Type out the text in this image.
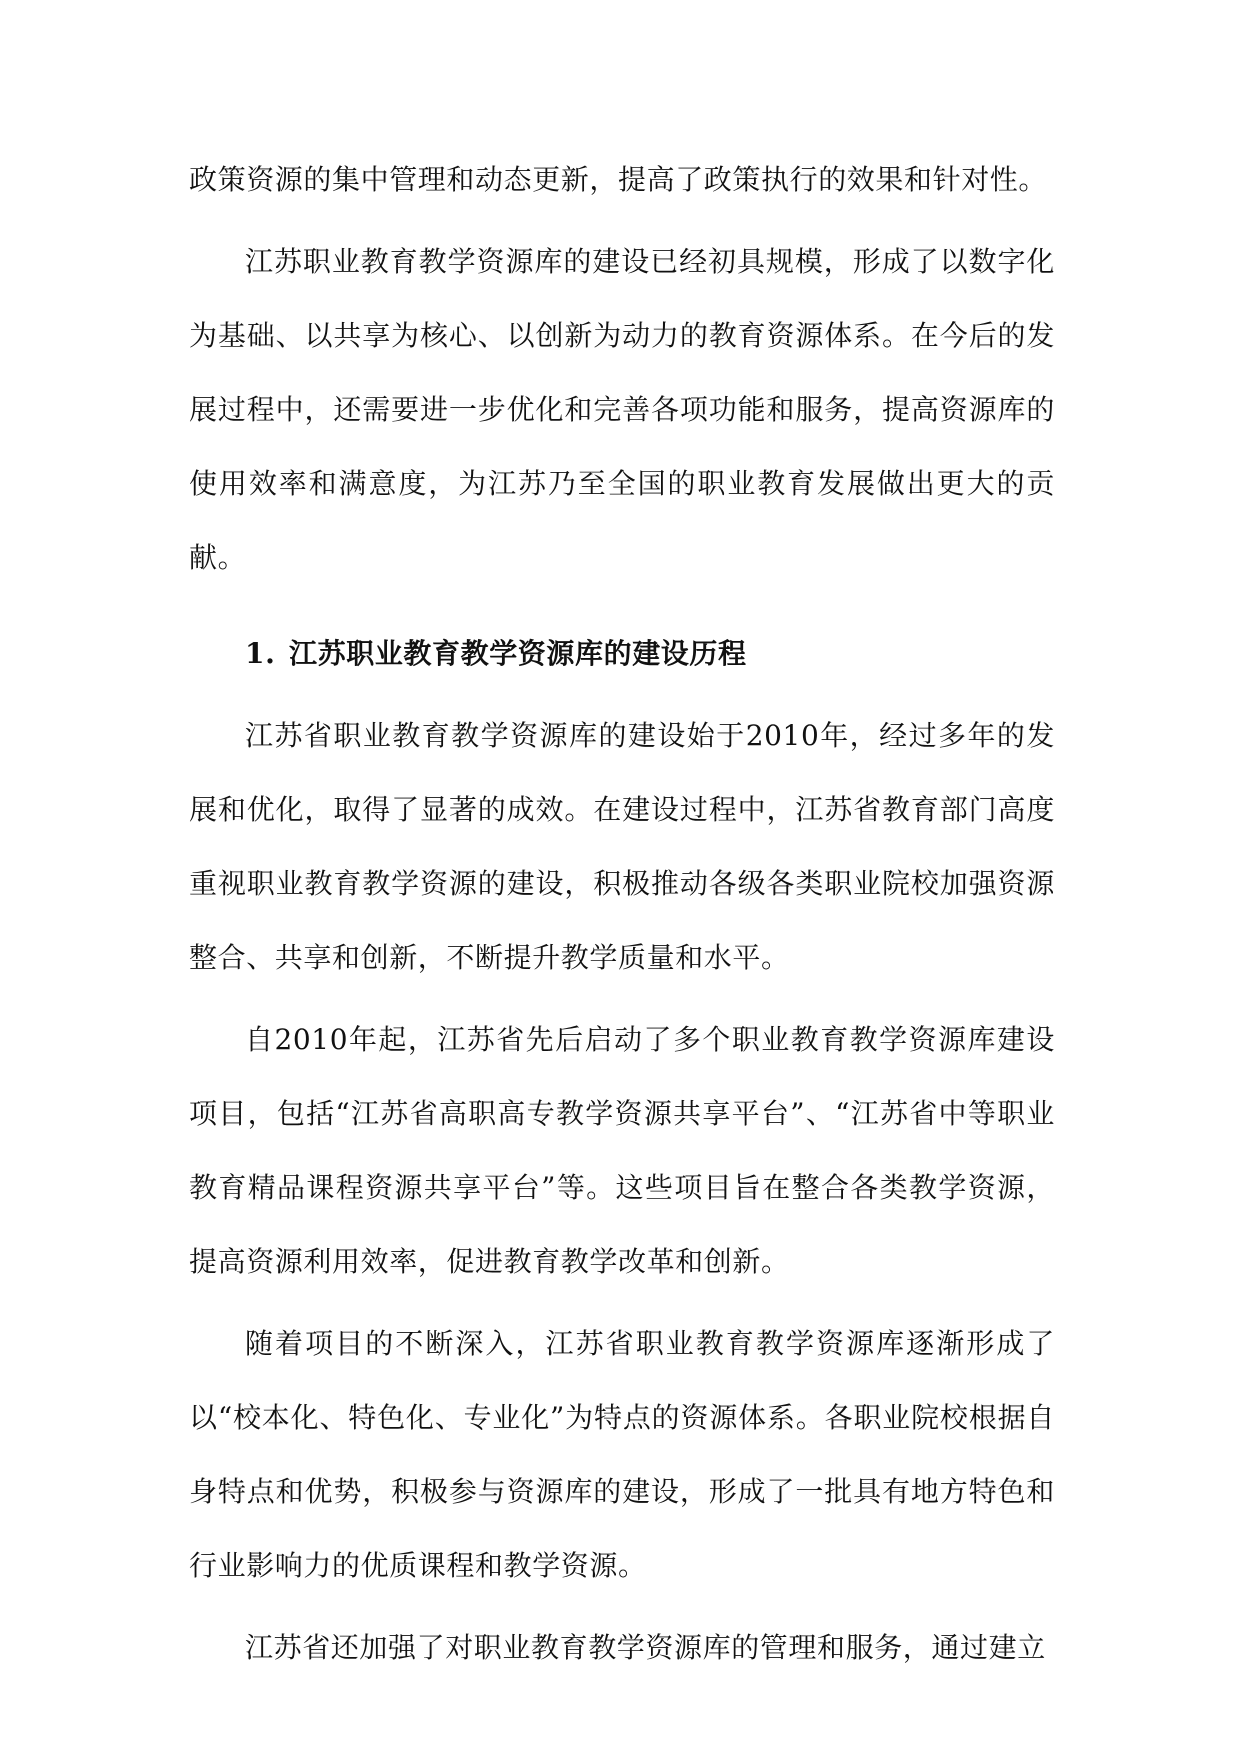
政策资源的集中管理和动态更新，提高了政策执行的效果和针对性。

江苏职业教育教学资源库的建设已经初具规模，形成了以数字化为基础、以共享为核心、以创新为动力的教育资源体系。在今后的发展过程中，还需要进一步优化和完善各项功能和服务，提高资源库的使用效率和满意度，为江苏乃至全国的职业教育发展做出更大的贡献。

1. 江苏职业教育教学资源库的建设历程

江苏省职业教育教学资源库的建设始于2010年，经过多年的发展和优化，取得了显著的成效。在建设过程中，江苏省教育部门高度重视职业教育教学资源的建设，积极推动各级各类职业院校加强资源整合、共享和创新，不断提升教学质量和水平。

自2010年起，江苏省先后启动了多个职业教育教学资源库建设项目，包括“江苏省高职高专教学资源共享平台”、“江苏省中等职业教育精品课程资源共享平台”等。这些项目旨在整合各类教学资源，提高资源利用效率，促进教育教学改革和创新。

随着项目的不断深入，江苏省职业教育教学资源库逐渐形成了以“校本化、特色化、专业化”为特点的资源体系。各职业院校根据自身特点和优势，积极参与资源库的建设，形成了一批具有地方特色和行业影响力的优质课程和教学资源。

江苏省还加强了对职业教育教学资源库的管理和服务，通过建立
